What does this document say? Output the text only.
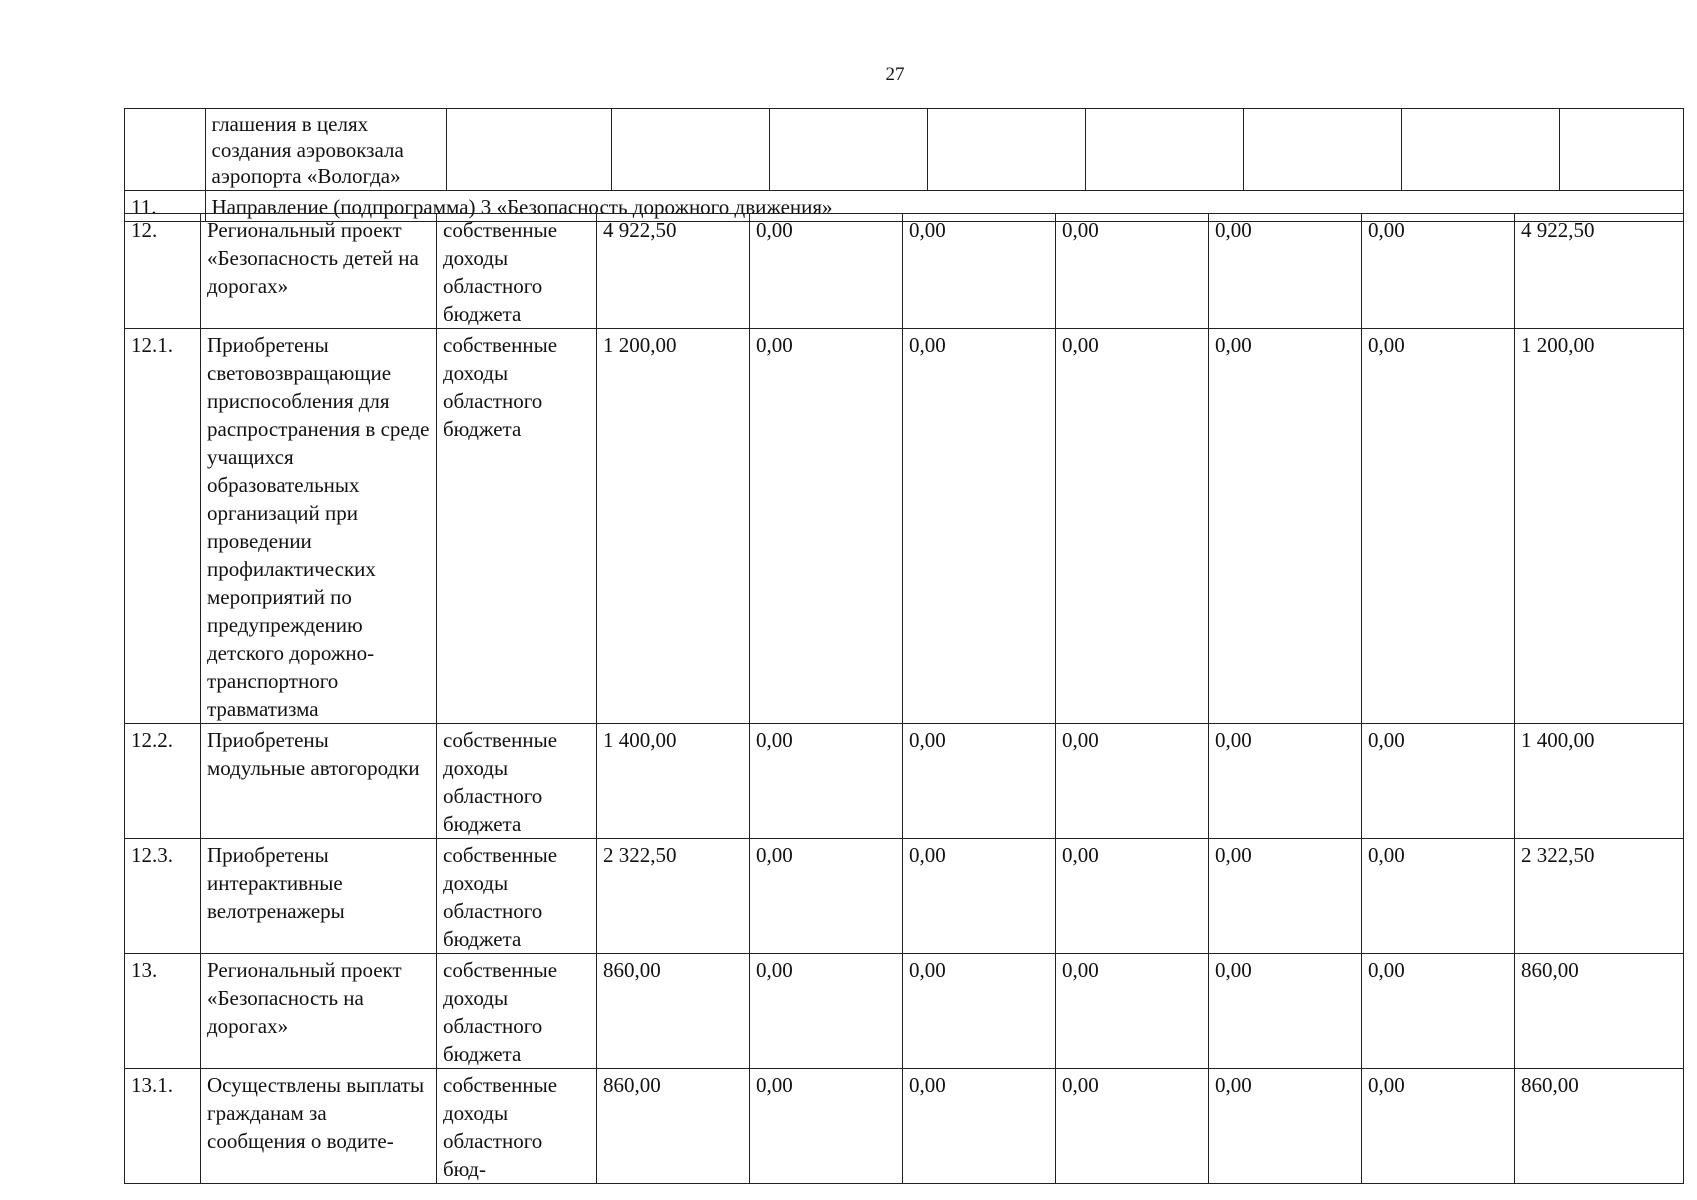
27
	глашения в целях создания аэровокзала аэропорта «Вологда»								
11.	Направление (подпрограмма) 3 «Безопасность дорожного движения»								
12.	Региональный проект «Безопасность детей на дорогах»	собственные доходы областного бюджета	4 922,50	0,00	0,00	0,00	0,00	0,00	4 922,50
12.1.	Приобретены световозвращающие приспособления для распространения в среде учащихся образовательных организаций при проведении профилактических мероприятий по предупреждению детского дорожно-транспортного травматизма	собственные доходы областного бюджета	1 200,00	0,00	0,00	0,00	0,00	0,00	1 200,00
12.2.	Приобретены модульные автогородки	собственные доходы областного бюджета	1 400,00	0,00	0,00	0,00	0,00	0,00	1 400,00
12.3.	Приобретены интерактивные велотренажеры	собственные доходы областного бюджета	2 322,50	0,00	0,00	0,00	0,00	0,00	2 322,50
13.	Региональный проект «Безопасность на дорогах»	собственные доходы областного бюджета	860,00	0,00	0,00	0,00	0,00	0,00	860,00
13.1.	Осуществлены выплаты гражданам за сообщения о водите-	собственные доходы областного бюд-	860,00	0,00	0,00	0,00	0,00	0,00	860,00
